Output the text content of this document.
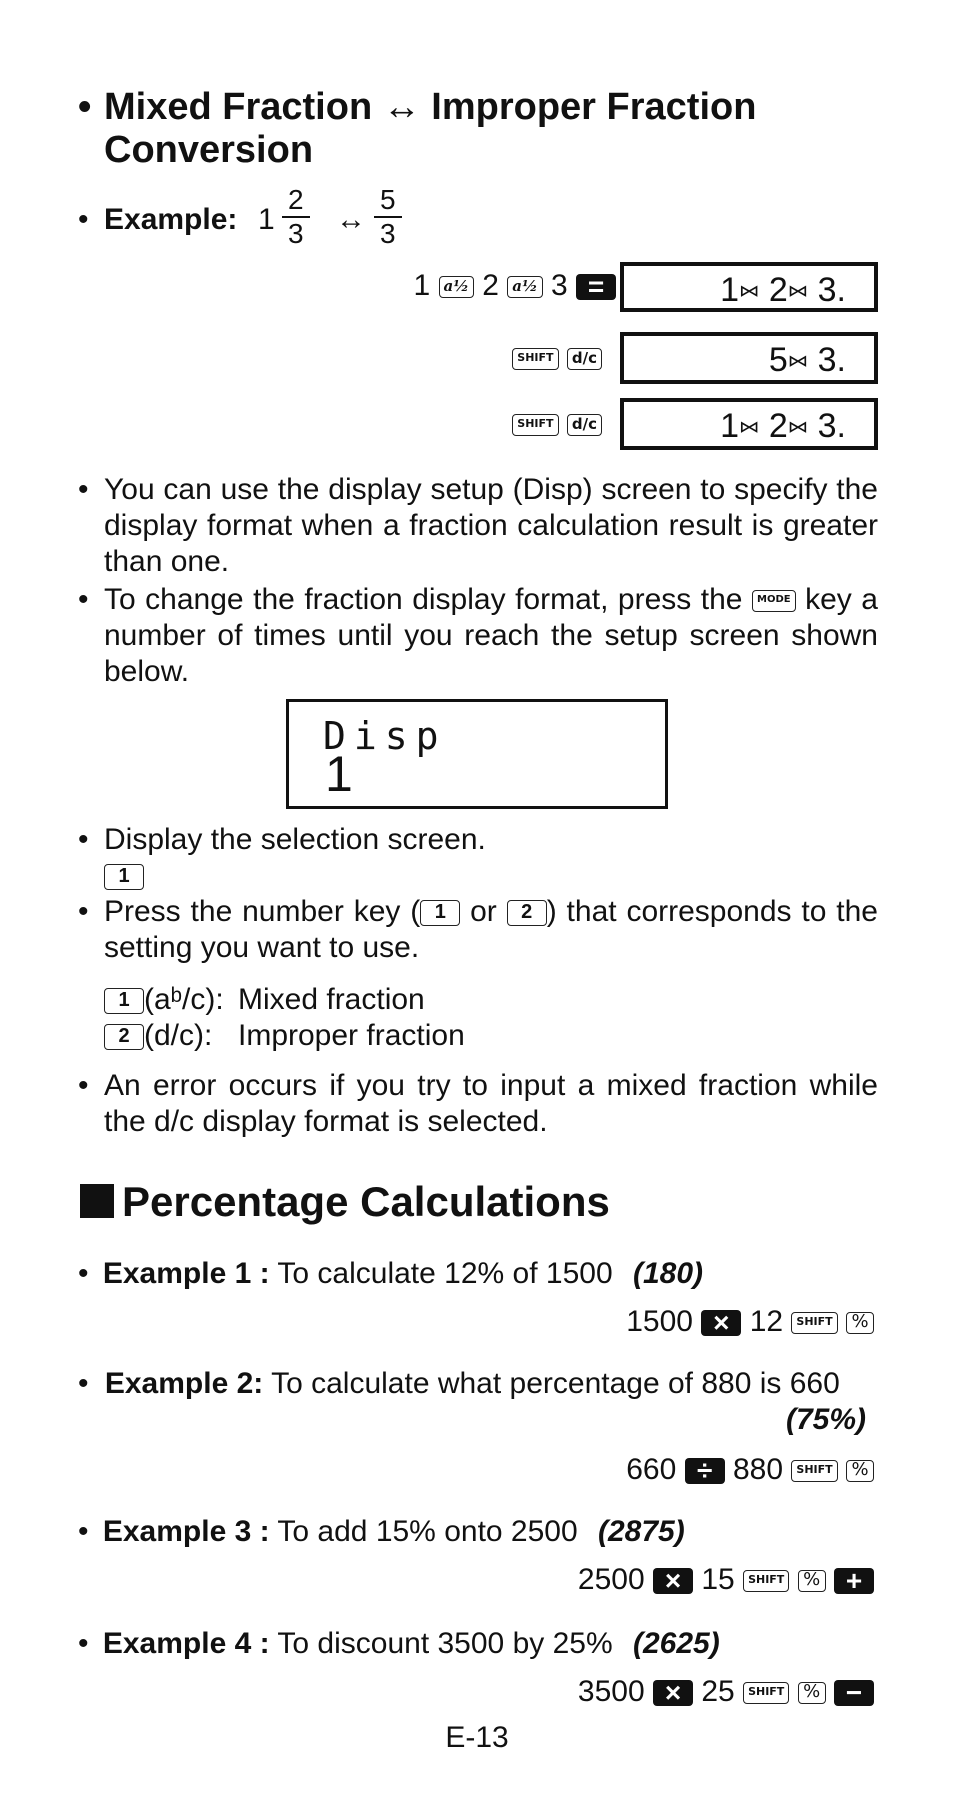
• Mixed Fraction ↔ Improper Fraction
Conversion
• Example: $1 \frac{2}{3}$ ↔ $\frac{5}{3}$
1 a½ 2 a½ 3 =	1⑅ 2⑅ 3.
SHIFT d/c	5⑅ 3.
SHIFT d/c	1⑅ 2⑅ 3.
• You can use the display setup (Disp) screen to specify the display format when a fraction calculation result is greater than one.
• To change the fraction display format, press the MODE key a number of times until you reach the setup screen shown below.
Disp
1
• Display the selection screen.
1
• Press the number key ( 1 or 2 ) that corresponds to the setting you want to use.
1 (aᵇ/c): Mixed fraction
2 (d/c): Improper fraction
• An error occurs if you try to input a mixed fraction while the d/c display format is selected.
Percentage Calculations
• Example 1 : To calculate 12% of 1500 (180)
1500 × 12 SHIFT %
• Example 2: To calculate what percentage of 880 is 660
(75%)
660 ÷ 880 SHIFT %
• Example 3 : To add 15% onto 2500 (2875)
2500 × 15 SHIFT % +
• Example 4 : To discount 3500 by 25% (2625)
3500 × 25 SHIFT % −
E-13
